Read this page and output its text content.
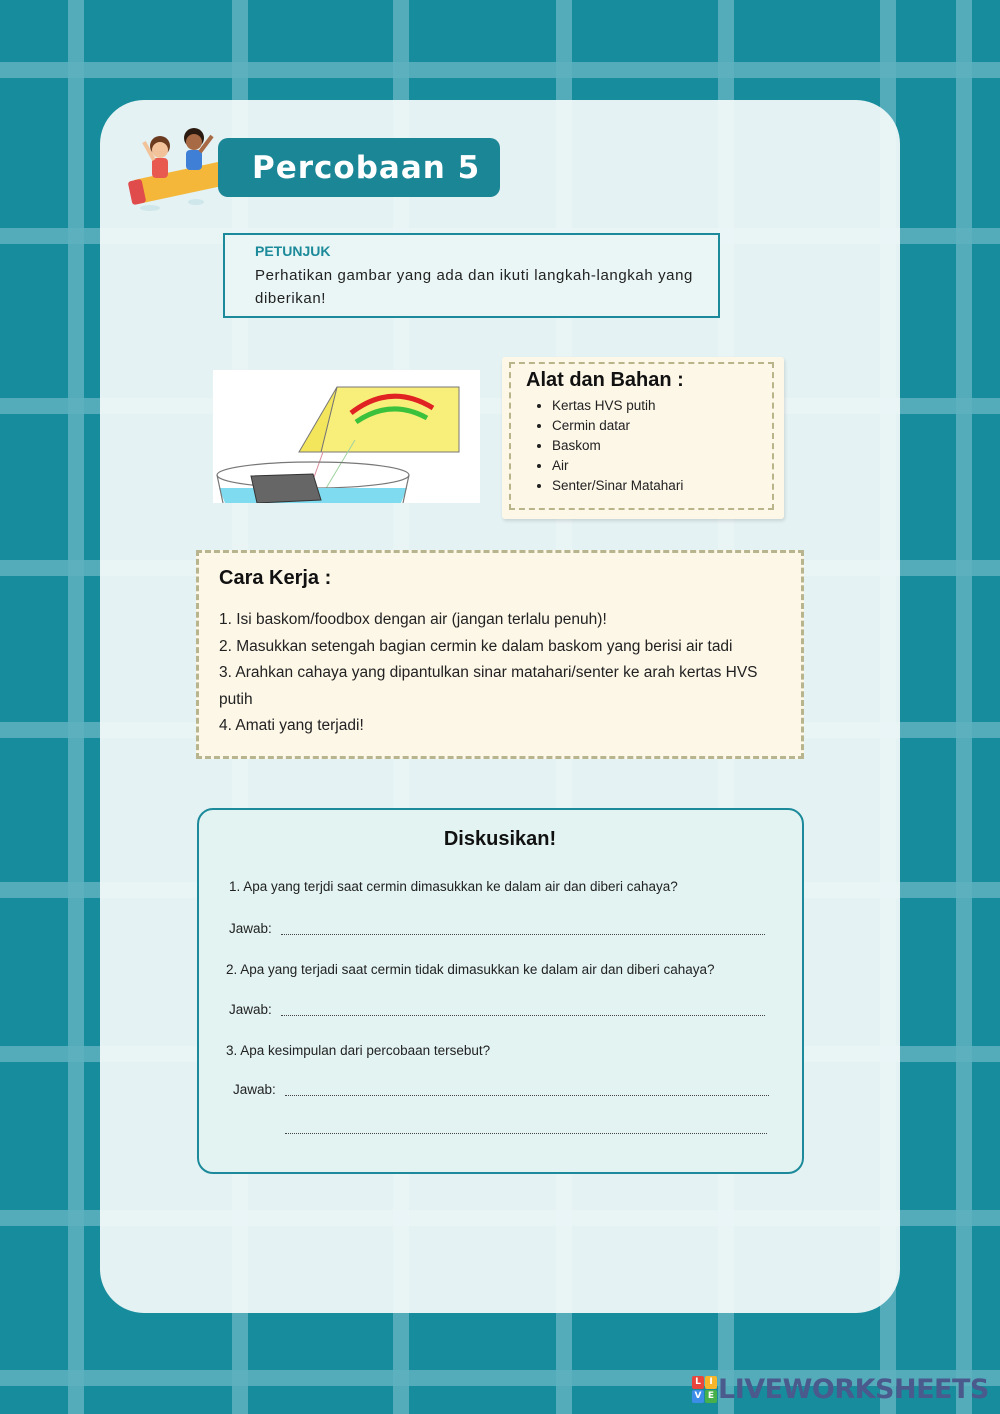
Percobaan 5
PETUNJUK
Perhatikan gambar yang ada dan ikuti langkah-langkah yang diberikan!
Alat dan Bahan :
• Kertas HVS putih
• Cermin datar
• Baskom
• Air
• Senter/Sinar Matahari
Cara Kerja :
1. Isi baskom/foodbox dengan air (jangan terlalu penuh)!
2. Masukkan setengah bagian cermin ke dalam baskom yang berisi air tadi
3. Arahkan cahaya yang dipantulkan sinar matahari/senter ke arah kertas HVS putih
4. Amati yang terjadi!
Diskusikan!
1. Apa yang terjdi saat cermin dimasukkan ke dalam air dan diberi cahaya?
Jawab:
2. Apa yang terjadi saat cermin tidak dimasukkan ke dalam air dan diberi cahaya?
Jawab:
3. Apa kesimpulan dari percobaan tersebut?
Jawab:
L I
V E LIVEWORKSHEETS
